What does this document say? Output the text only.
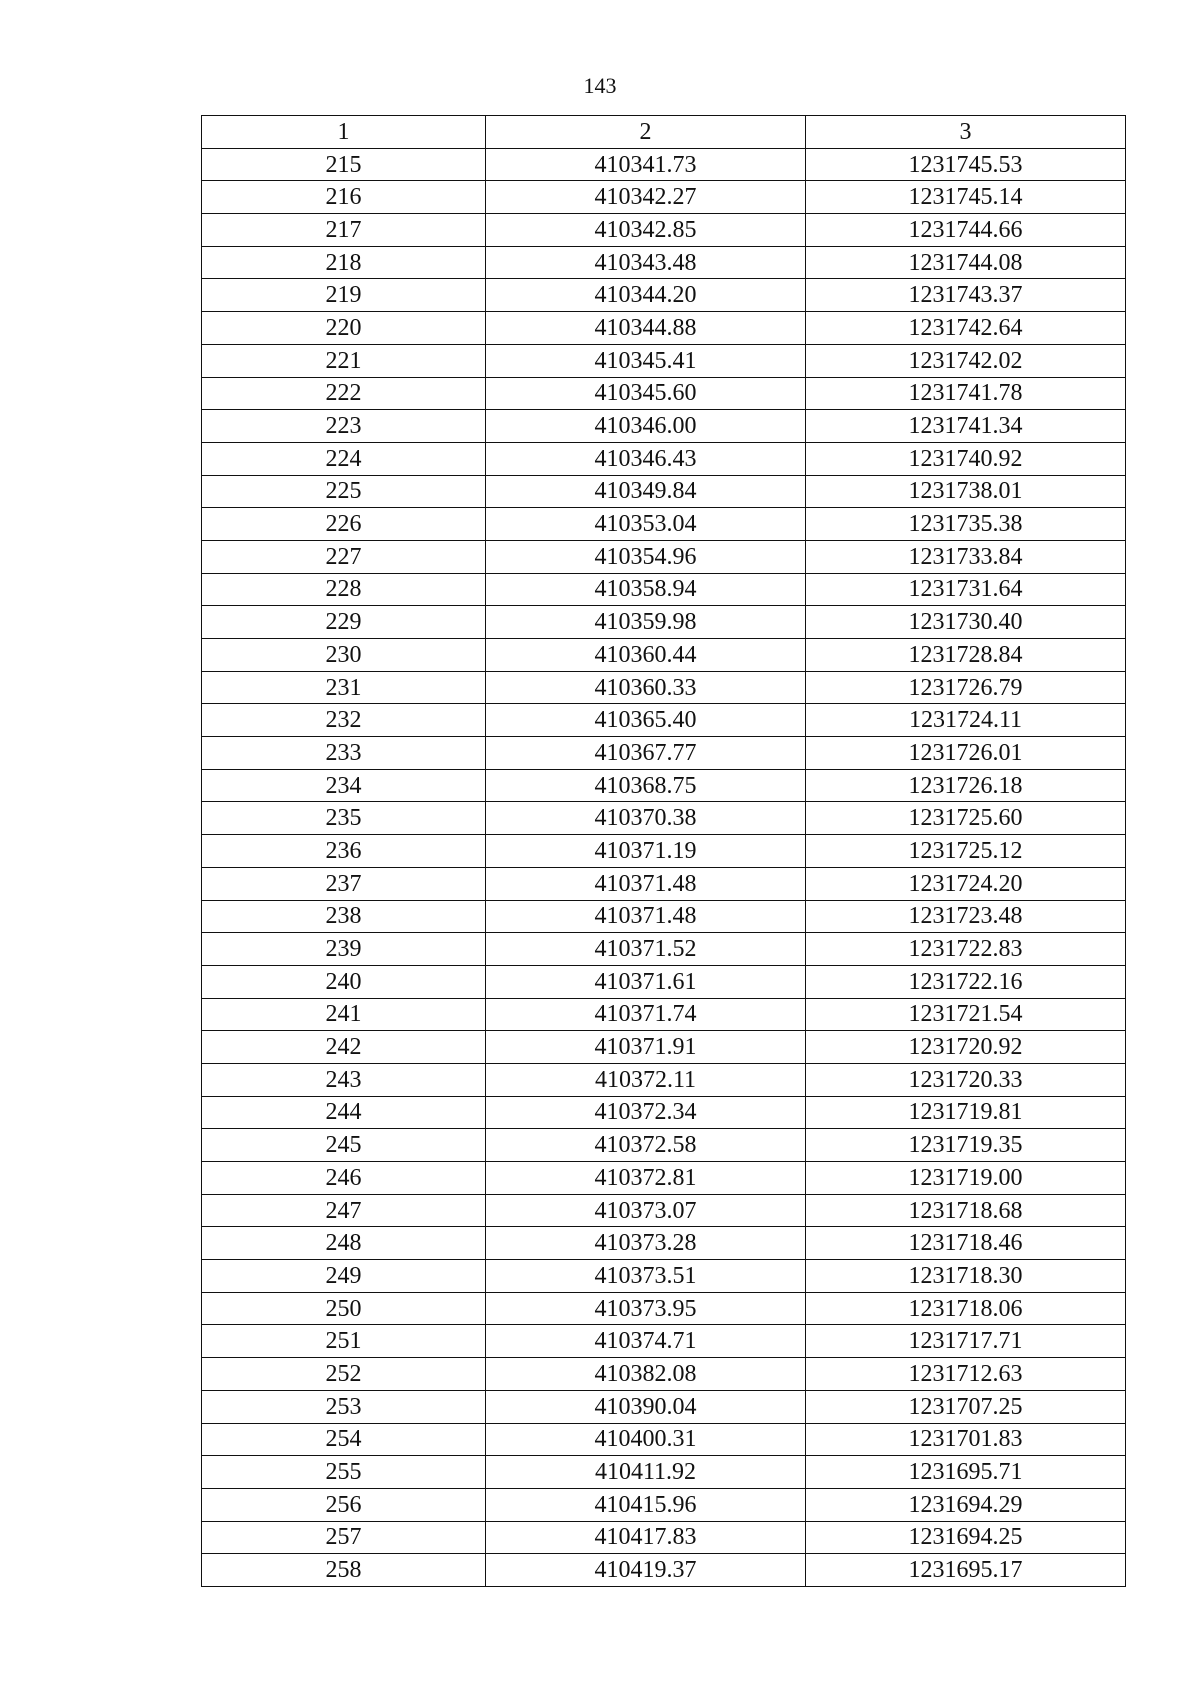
143
1	2	3
215	410341.73	1231745.53
216	410342.27	1231745.14
217	410342.85	1231744.66
218	410343.48	1231744.08
219	410344.20	1231743.37
220	410344.88	1231742.64
221	410345.41	1231742.02
222	410345.60	1231741.78
223	410346.00	1231741.34
224	410346.43	1231740.92
225	410349.84	1231738.01
226	410353.04	1231735.38
227	410354.96	1231733.84
228	410358.94	1231731.64
229	410359.98	1231730.40
230	410360.44	1231728.84
231	410360.33	1231726.79
232	410365.40	1231724.11
233	410367.77	1231726.01
234	410368.75	1231726.18
235	410370.38	1231725.60
236	410371.19	1231725.12
237	410371.48	1231724.20
238	410371.48	1231723.48
239	410371.52	1231722.83
240	410371.61	1231722.16
241	410371.74	1231721.54
242	410371.91	1231720.92
243	410372.11	1231720.33
244	410372.34	1231719.81
245	410372.58	1231719.35
246	410372.81	1231719.00
247	410373.07	1231718.68
248	410373.28	1231718.46
249	410373.51	1231718.30
250	410373.95	1231718.06
251	410374.71	1231717.71
252	410382.08	1231712.63
253	410390.04	1231707.25
254	410400.31	1231701.83
255	410411.92	1231695.71
256	410415.96	1231694.29
257	410417.83	1231694.25
258	410419.37	1231695.17
